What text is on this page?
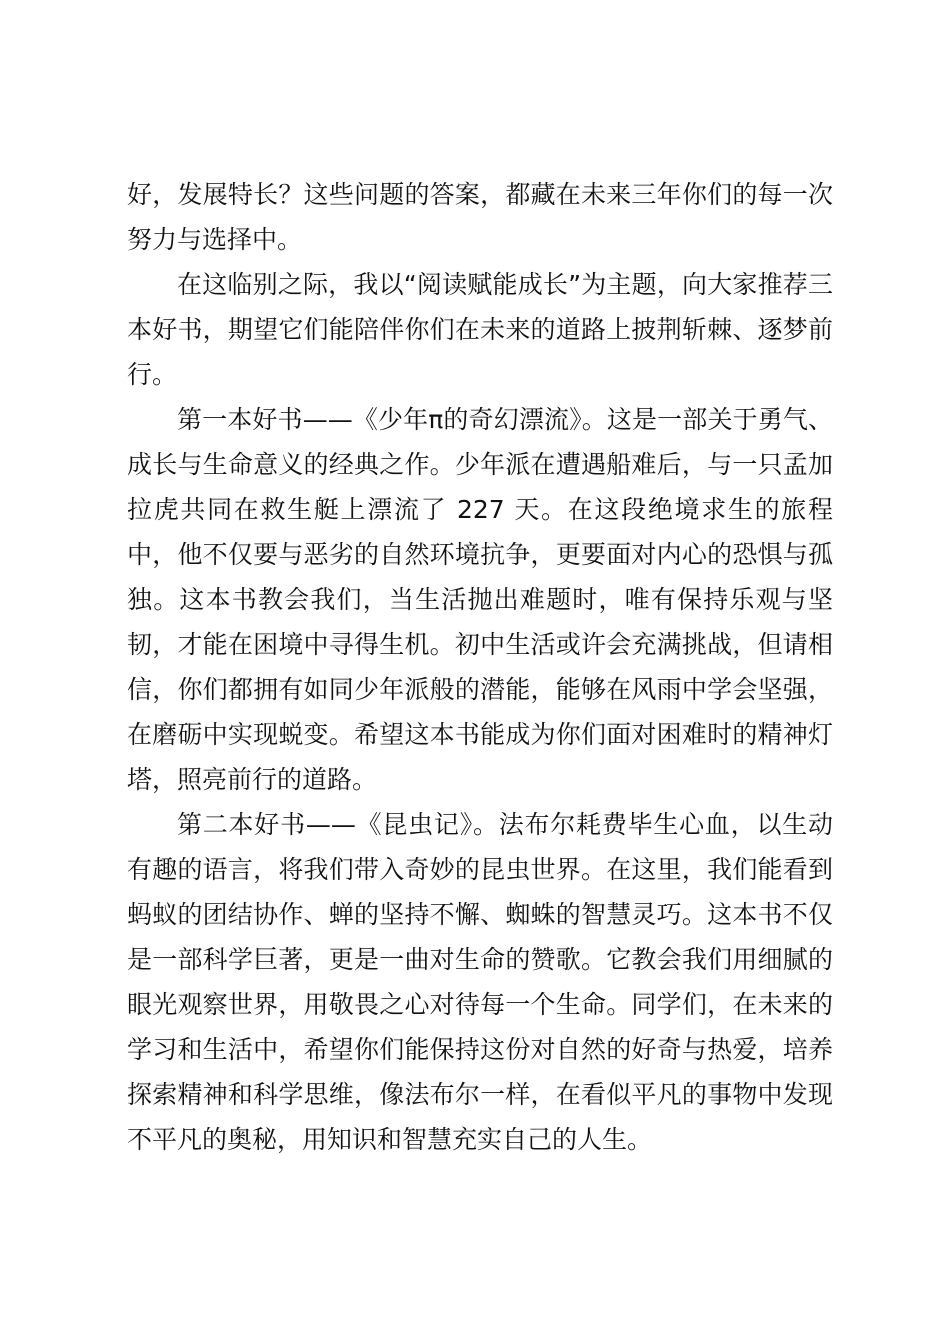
好，发展特长？这些问题的答案，都藏在未来三年你们的每一次努力与选择中。

在这临别之际，我以“阅读赋能成长”为主题，向大家推荐三本好书，期望它们能陪伴你们在未来的道路上披荆斩棘、逐梦前行。

第一本好书——《少年π的奇幻漂流》。这是一部关于勇气、成长与生命意义的经典之作。少年派在遭遇船难后，与一只孟加拉虎共同在救生艇上漂流了 227 天。在这段绝境求生的旅程中，他不仅要与恶劣的自然环境抗争，更要面对内心的恐惧与孤独。这本书教会我们，当生活抛出难题时，唯有保持乐观与坚韧，才能在困境中寻得生机。初中生活或许会充满挑战，但请相信，你们都拥有如同少年派般的潜能，能够在风雨中学会坚强，在磨砺中实现蜕变。希望这本书能成为你们面对困难时的精神灯塔，照亮前行的道路。

第二本好书——《昆虫记》。法布尔耗费毕生心血，以生动有趣的语言，将我们带入奇妙的昆虫世界。在这里，我们能看到蚂蚁的团结协作、蝉的坚持不懈、蜘蛛的智慧灵巧。这本书不仅是一部科学巨著，更是一曲对生命的赞歌。它教会我们用细腻的眼光观察世界，用敬畏之心对待每一个生命。同学们，在未来的学习和生活中，希望你们能保持这份对自然的好奇与热爱，培养探索精神和科学思维，像法布尔一样，在看似平凡的事物中发现不平凡的奥秘，用知识和智慧充实自己的人生。
